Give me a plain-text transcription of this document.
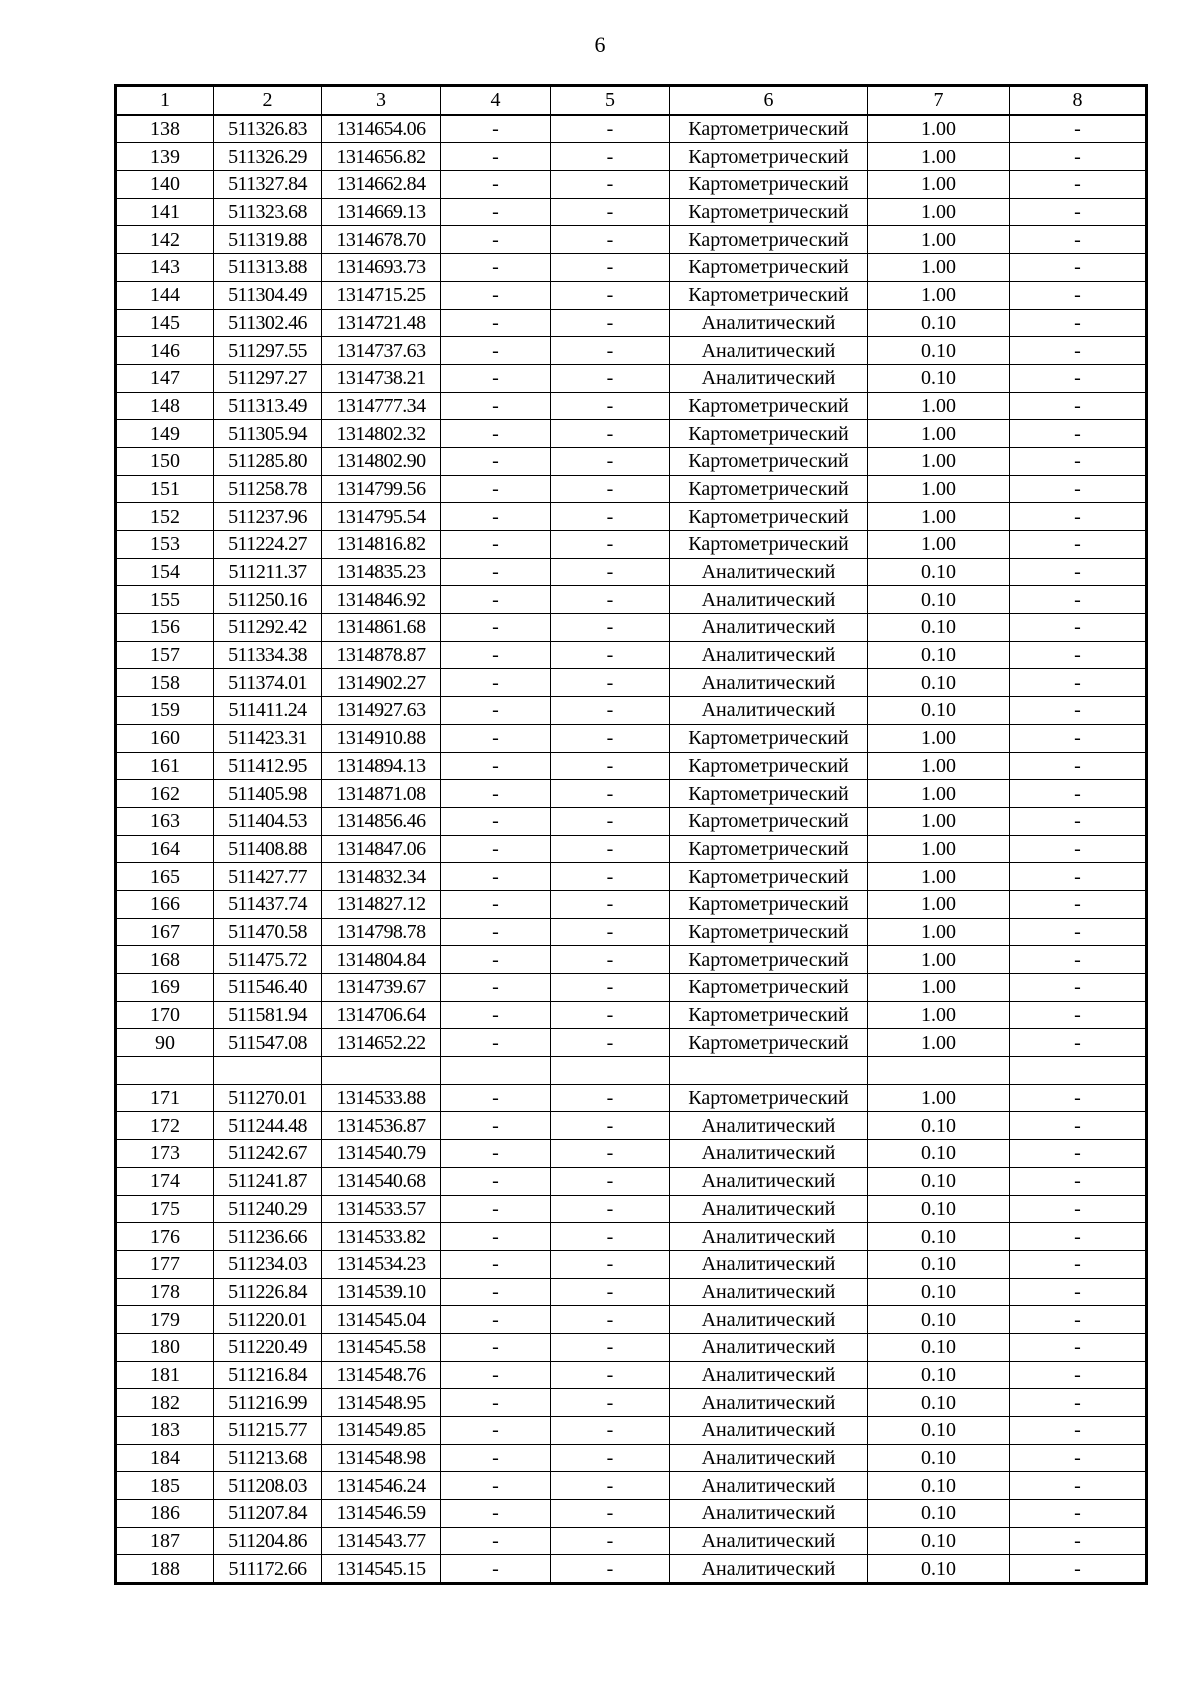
6
1	2	3	4	5	6	7	8
138	511326.83	1314654.06	-	-	Картометрический	1.00	-
139	511326.29	1314656.82	-	-	Картометрический	1.00	-
140	511327.84	1314662.84	-	-	Картометрический	1.00	-
141	511323.68	1314669.13	-	-	Картометрический	1.00	-
142	511319.88	1314678.70	-	-	Картометрический	1.00	-
143	511313.88	1314693.73	-	-	Картометрический	1.00	-
144	511304.49	1314715.25	-	-	Картометрический	1.00	-
145	511302.46	1314721.48	-	-	Аналитический	0.10	-
146	511297.55	1314737.63	-	-	Аналитический	0.10	-
147	511297.27	1314738.21	-	-	Аналитический	0.10	-
148	511313.49	1314777.34	-	-	Картометрический	1.00	-
149	511305.94	1314802.32	-	-	Картометрический	1.00	-
150	511285.80	1314802.90	-	-	Картометрический	1.00	-
151	511258.78	1314799.56	-	-	Картометрический	1.00	-
152	511237.96	1314795.54	-	-	Картометрический	1.00	-
153	511224.27	1314816.82	-	-	Картометрический	1.00	-
154	511211.37	1314835.23	-	-	Аналитический	0.10	-
155	511250.16	1314846.92	-	-	Аналитический	0.10	-
156	511292.42	1314861.68	-	-	Аналитический	0.10	-
157	511334.38	1314878.87	-	-	Аналитический	0.10	-
158	511374.01	1314902.27	-	-	Аналитический	0.10	-
159	511411.24	1314927.63	-	-	Аналитический	0.10	-
160	511423.31	1314910.88	-	-	Картометрический	1.00	-
161	511412.95	1314894.13	-	-	Картометрический	1.00	-
162	511405.98	1314871.08	-	-	Картометрический	1.00	-
163	511404.53	1314856.46	-	-	Картометрический	1.00	-
164	511408.88	1314847.06	-	-	Картометрический	1.00	-
165	511427.77	1314832.34	-	-	Картометрический	1.00	-
166	511437.74	1314827.12	-	-	Картометрический	1.00	-
167	511470.58	1314798.78	-	-	Картометрический	1.00	-
168	511475.72	1314804.84	-	-	Картометрический	1.00	-
169	511546.40	1314739.67	-	-	Картометрический	1.00	-
170	511581.94	1314706.64	-	-	Картометрический	1.00	-
90	511547.08	1314652.22	-	-	Картометрический	1.00	-

171	511270.01	1314533.88	-	-	Картометрический	1.00	-
172	511244.48	1314536.87	-	-	Аналитический	0.10	-
173	511242.67	1314540.79	-	-	Аналитический	0.10	-
174	511241.87	1314540.68	-	-	Аналитический	0.10	-
175	511240.29	1314533.57	-	-	Аналитический	0.10	-
176	511236.66	1314533.82	-	-	Аналитический	0.10	-
177	511234.03	1314534.23	-	-	Аналитический	0.10	-
178	511226.84	1314539.10	-	-	Аналитический	0.10	-
179	511220.01	1314545.04	-	-	Аналитический	0.10	-
180	511220.49	1314545.58	-	-	Аналитический	0.10	-
181	511216.84	1314548.76	-	-	Аналитический	0.10	-
182	511216.99	1314548.95	-	-	Аналитический	0.10	-
183	511215.77	1314549.85	-	-	Аналитический	0.10	-
184	511213.68	1314548.98	-	-	Аналитический	0.10	-
185	511208.03	1314546.24	-	-	Аналитический	0.10	-
186	511207.84	1314546.59	-	-	Аналитический	0.10	-
187	511204.86	1314543.77	-	-	Аналитический	0.10	-
188	511172.66	1314545.15	-	-	Аналитический	0.10	-
